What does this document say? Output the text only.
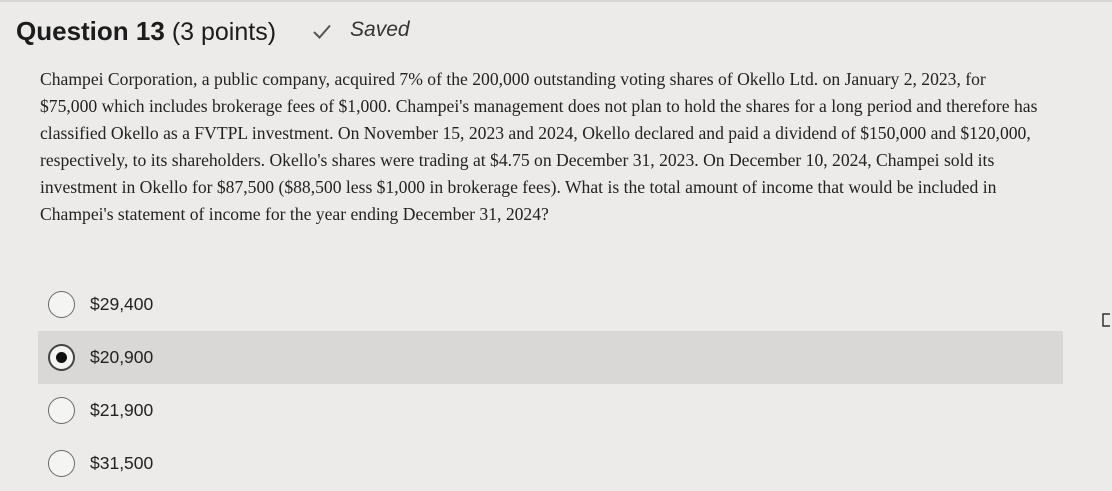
Question 13 (3 points)	Saved
Champei Corporation, a public company, acquired 7% of the 200,000 outstanding voting shares of Okello Ltd. on January 2, 2023, for $75,000 which includes brokerage fees of $1,000. Champei's management does not plan to hold the shares for a long period and therefore has classified Okello as a FVTPL investment. On November 15, 2023 and 2024, Okello declared and paid a dividend of $150,000 and $120,000, respectively, to its shareholders. Okello's shares were trading at $4.75 on December 31, 2023. On December 10, 2024, Champei sold its investment in Okello for $87,500 ($88,500 less $1,000 in brokerage fees). What is the total amount of income that would be included in Champei's statement of income for the year ending December 31, 2024?
$29,400
$20,900
$21,900
$31,500
